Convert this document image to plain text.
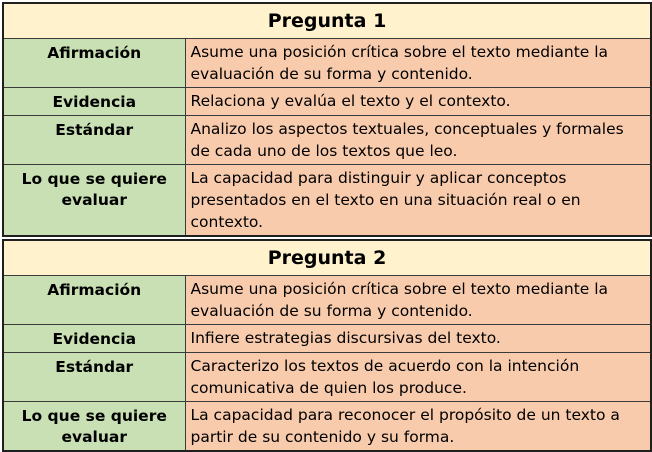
Pregunta 1	
Afirmación	Asume una posición crítica sobre el texto mediante la evaluación de su forma y contenido.
Evidencia	Relaciona y evalúa el texto y el contexto.
Estándar	Analizo los aspectos textuales, conceptuales y formales de cada uno de los textos que leo.
Lo que se quiere evaluar	La capacidad para distinguir y aplicar conceptos presentados en el texto en una situación real o en contexto.
Pregunta 2	
Afirmación	Asume una posición crítica sobre el texto mediante la evaluación de su forma y contenido.
Evidencia	Infiere estrategias discursivas del texto.
Estándar	Caracterizo los textos de acuerdo con la intención comunicativa de quien los produce.
Lo que se quiere evaluar	La capacidad para reconocer el propósito de un texto a partir de su contenido y su forma.
